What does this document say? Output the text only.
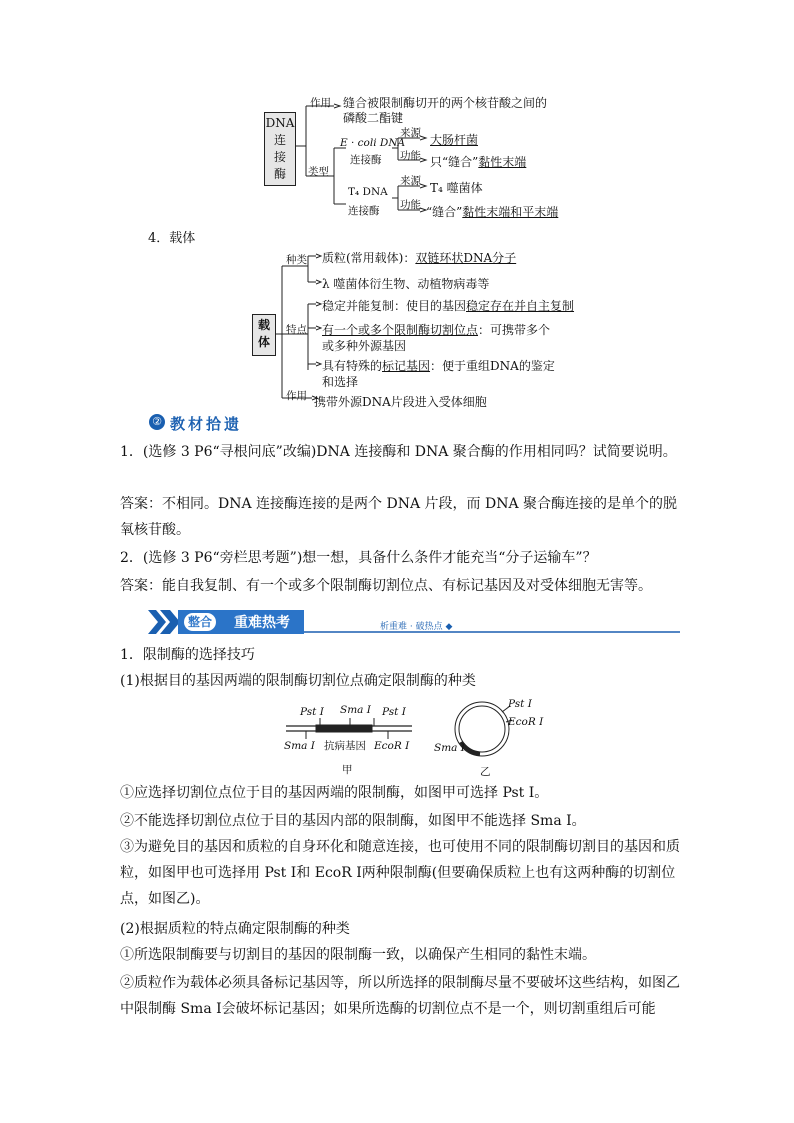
DNA
连
接
酶
作用 缝合被限制酶切开的两个核苷酸之间的
磷酸二酯键
类型
E · coli DNA
连接酶
来源 大肠杆菌
功能 只“缝合”黏性末端
T₄ DNA
连接酶
来源 T₄ 噬菌体
功能 “缝合”黏性末端和平末端
4．载体
载
体
种类 质粒(常用载体)：双链环状DNA分子
λ 噬菌体衍生物、动植物病毒等
特点
稳定并能复制：使目的基因稳定存在并自主复制
有一个或多个限制酶切割位点：可携带多个
或多种外源基因
具有特殊的标记基因：便于重组DNA的鉴定
和选择
作用 携带外源DNA片段进入受体细胞
② 教材拾遗
1．(选修 3 P6“寻根问底”改编)DNA 连接酶和 DNA 聚合酶的作用相同吗？试简要说明。
答案：不相同。DNA 连接酶连接的是两个 DNA 片段，而 DNA 聚合酶连接的是单个的脱氧核苷酸。
2．(选修 3 P6“旁栏思考题”)想一想，具备什么条件才能充当“分子运输车”？
答案：能自我复制、有一个或多个限制酶切割位点、有标记基因及对受体细胞无害等。
整合 重难热考	析重难 · 破热点 ◆
1．限制酶的选择技巧
(1)根据目的基因两端的限制酶切割位点确定限制酶的种类
Pst Ⅰ Sma Ⅰ Pst Ⅰ
Sma Ⅰ 抗病基因 EcoR Ⅰ
甲
Pst Ⅰ
EcoR Ⅰ
Sma Ⅰ
乙
①应选择切割位点位于目的基因两端的限制酶，如图甲可选择 Pst Ⅰ。
②不能选择切割位点位于目的基因内部的限制酶，如图甲不能选择 Sma Ⅰ。
③为避免目的基因和质粒的自身环化和随意连接，也可使用不同的限制酶切割目的基因和质粒，如图甲也可选择用 Pst Ⅰ和 EcoR Ⅰ两种限制酶(但要确保质粒上也有这两种酶的切割位点，如图乙)。
(2)根据质粒的特点确定限制酶的种类
①所选限制酶要与切割目的基因的限制酶一致，以确保产生相同的黏性末端。
②质粒作为载体必须具备标记基因等，所以所选择的限制酶尽量不要破坏这些结构，如图乙中限制酶 Sma Ⅰ会破坏标记基因；如果所选酶的切割位点不是一个，则切割重组后可能
